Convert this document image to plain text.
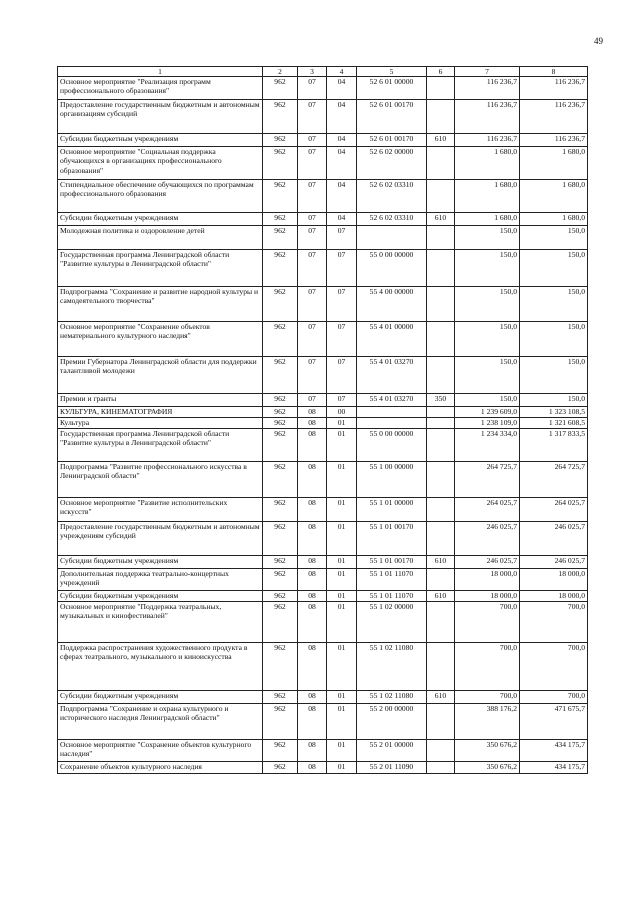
49
1	2	3	4	5	6	7	8
Основное мероприятие "Реализация программ профессионального образования"	962	07	04	52 6 01 00000		116 236,7	116 236,7
Предоставление государственным бюджетным и автономным организациям субсидий	962	07	04	52 6 01 00170		116 236,7	116 236,7
Субсидии бюджетным учреждениям	962	07	04	52 6 01 00170	610	116 236,7	116 236,7
Основное мероприятие "Социальная поддержка обучающихся в организациях профессионального образования"	962	07	04	52 6 02 00000		1 680,0	1 680,0
Стипендиальное обеспечение обучающихся по программам профессионального образования	962	07	04	52 6 02 03310		1 680,0	1 680,0
Субсидии бюджетным учреждениям	962	07	04	52 6 02 03310	610	1 680,0	1 680,0
Молодежная политика и оздоровление детей	962	07	07			150,0	150,0
Государственная программа Ленинградской области "Развитие культуры в Ленинградской области"	962	07	07	55 0 00 00000		150,0	150,0
Подпрограмма "Сохранение и развитие народной культуры и самодеятельного творчества"	962	07	07	55 4 00 00000		150,0	150,0
Основное мероприятие "Сохранение объектов нематериального культурного наследия"	962	07	07	55 4 01 00000		150,0	150,0
Премии Губернатора Ленинградской области для поддержки талантливой молодежи	962	07	07	55 4 01 03270		150,0	150,0
Премии и гранты	962	07	07	55 4 01 03270	350	150,0	150,0
КУЛЬТУРА, КИНЕМАТОГРАФИЯ	962	08	00			1 239 609,0	1 323 108,5
Культура	962	08	01			1 238 109,0	1 321 608,5
Государственная программа Ленинградской области "Развитие культуры в Ленинградской области"	962	08	01	55 0 00 00000		1 234 334,0	1 317 833,5
Подпрограмма "Развитие профессионального искусства в Ленинградской области"	962	08	01	55 1 00 00000		264 725,7	264 725,7
Основное мероприятие "Развитие исполнительских искусств"	962	08	01	55 1 01 00000		264 025,7	264 025,7
Предоставление государственным бюджетным и автономным учреждениям субсидий	962	08	01	55 1 01 00170		246 025,7	246 025,7
Субсидии бюджетным учреждениям	962	08	01	55 1 01 00170	610	246 025,7	246 025,7
Дополнительная поддержка театрально-концертных учреждений	962	08	01	55 1 01 11070		18 000,0	18 000,0
Субсидии бюджетным учреждениям	962	08	01	55 1 01 11070	610	18 000,0	18 000,0
Основное мероприятие "Поддержка театральных, музыкальных и кинофестивалей"	962	08	01	55 1 02 00000		700,0	700,0
Поддержка распространения художественного продукта в сферах театрального, музыкального и киноискусства	962	08	01	55 1 02 11080		700,0	700,0
Субсидии бюджетным учреждениям	962	08	01	55 1 02 11080	610	700,0	700,0
Подпрограмма "Сохранение и охрана культурного и исторического наследия Ленинградской области"	962	08	01	55 2 00 00000		388 176,2	471 675,7
Основное мероприятие "Сохранение объектов культурного наследия"	962	08	01	55 2 01 00000		350 676,2	434 175,7
Сохранение объектов культурного наследия	962	08	01	55 2 01 11090		350 676,2	434 175,7
